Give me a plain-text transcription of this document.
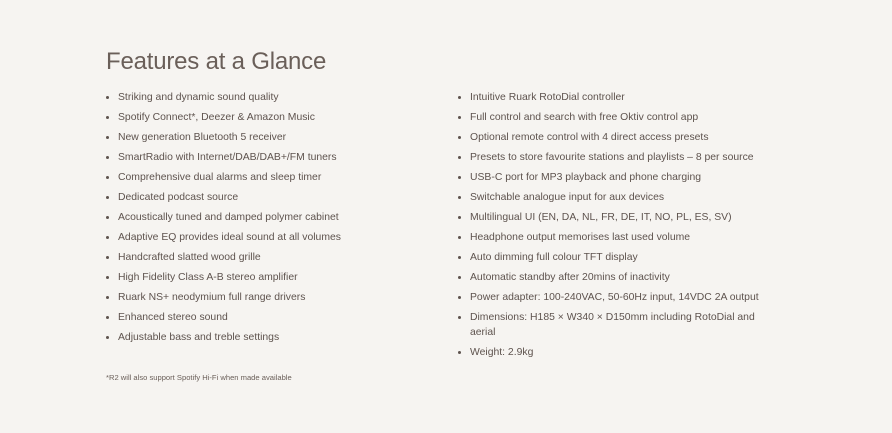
Features at a Glance
Striking and dynamic sound quality
Spotify Connect*, Deezer & Amazon Music
New generation Bluetooth 5 receiver
SmartRadio with Internet/DAB/DAB+/FM tuners
Comprehensive dual alarms and sleep timer
Dedicated podcast source
Acoustically tuned and damped polymer cabinet
Adaptive EQ provides ideal sound at all volumes
Handcrafted slatted wood grille
High Fidelity Class A-B stereo amplifier
Ruark NS+ neodymium full range drivers
Enhanced stereo sound
Adjustable bass and treble settings
Intuitive Ruark RotoDial controller
Full control and search with free Oktiv control app
Optional remote control with 4 direct access presets
Presets to store favourite stations and playlists – 8 per source
USB-C port for MP3 playback and phone charging
Switchable analogue input for aux devices
Multilingual UI (EN, DA, NL, FR, DE, IT, NO, PL, ES, SV)
Headphone output memorises last used volume
Auto dimming full colour TFT display
Automatic standby after 20mins of inactivity
Power adapter: 100-240VAC, 50-60Hz input, 14VDC 2A output
Dimensions: H185 × W340 × D150mm including RotoDial and aerial
Weight: 2.9kg

*R2 will also support Spotify Hi-Fi when made available
